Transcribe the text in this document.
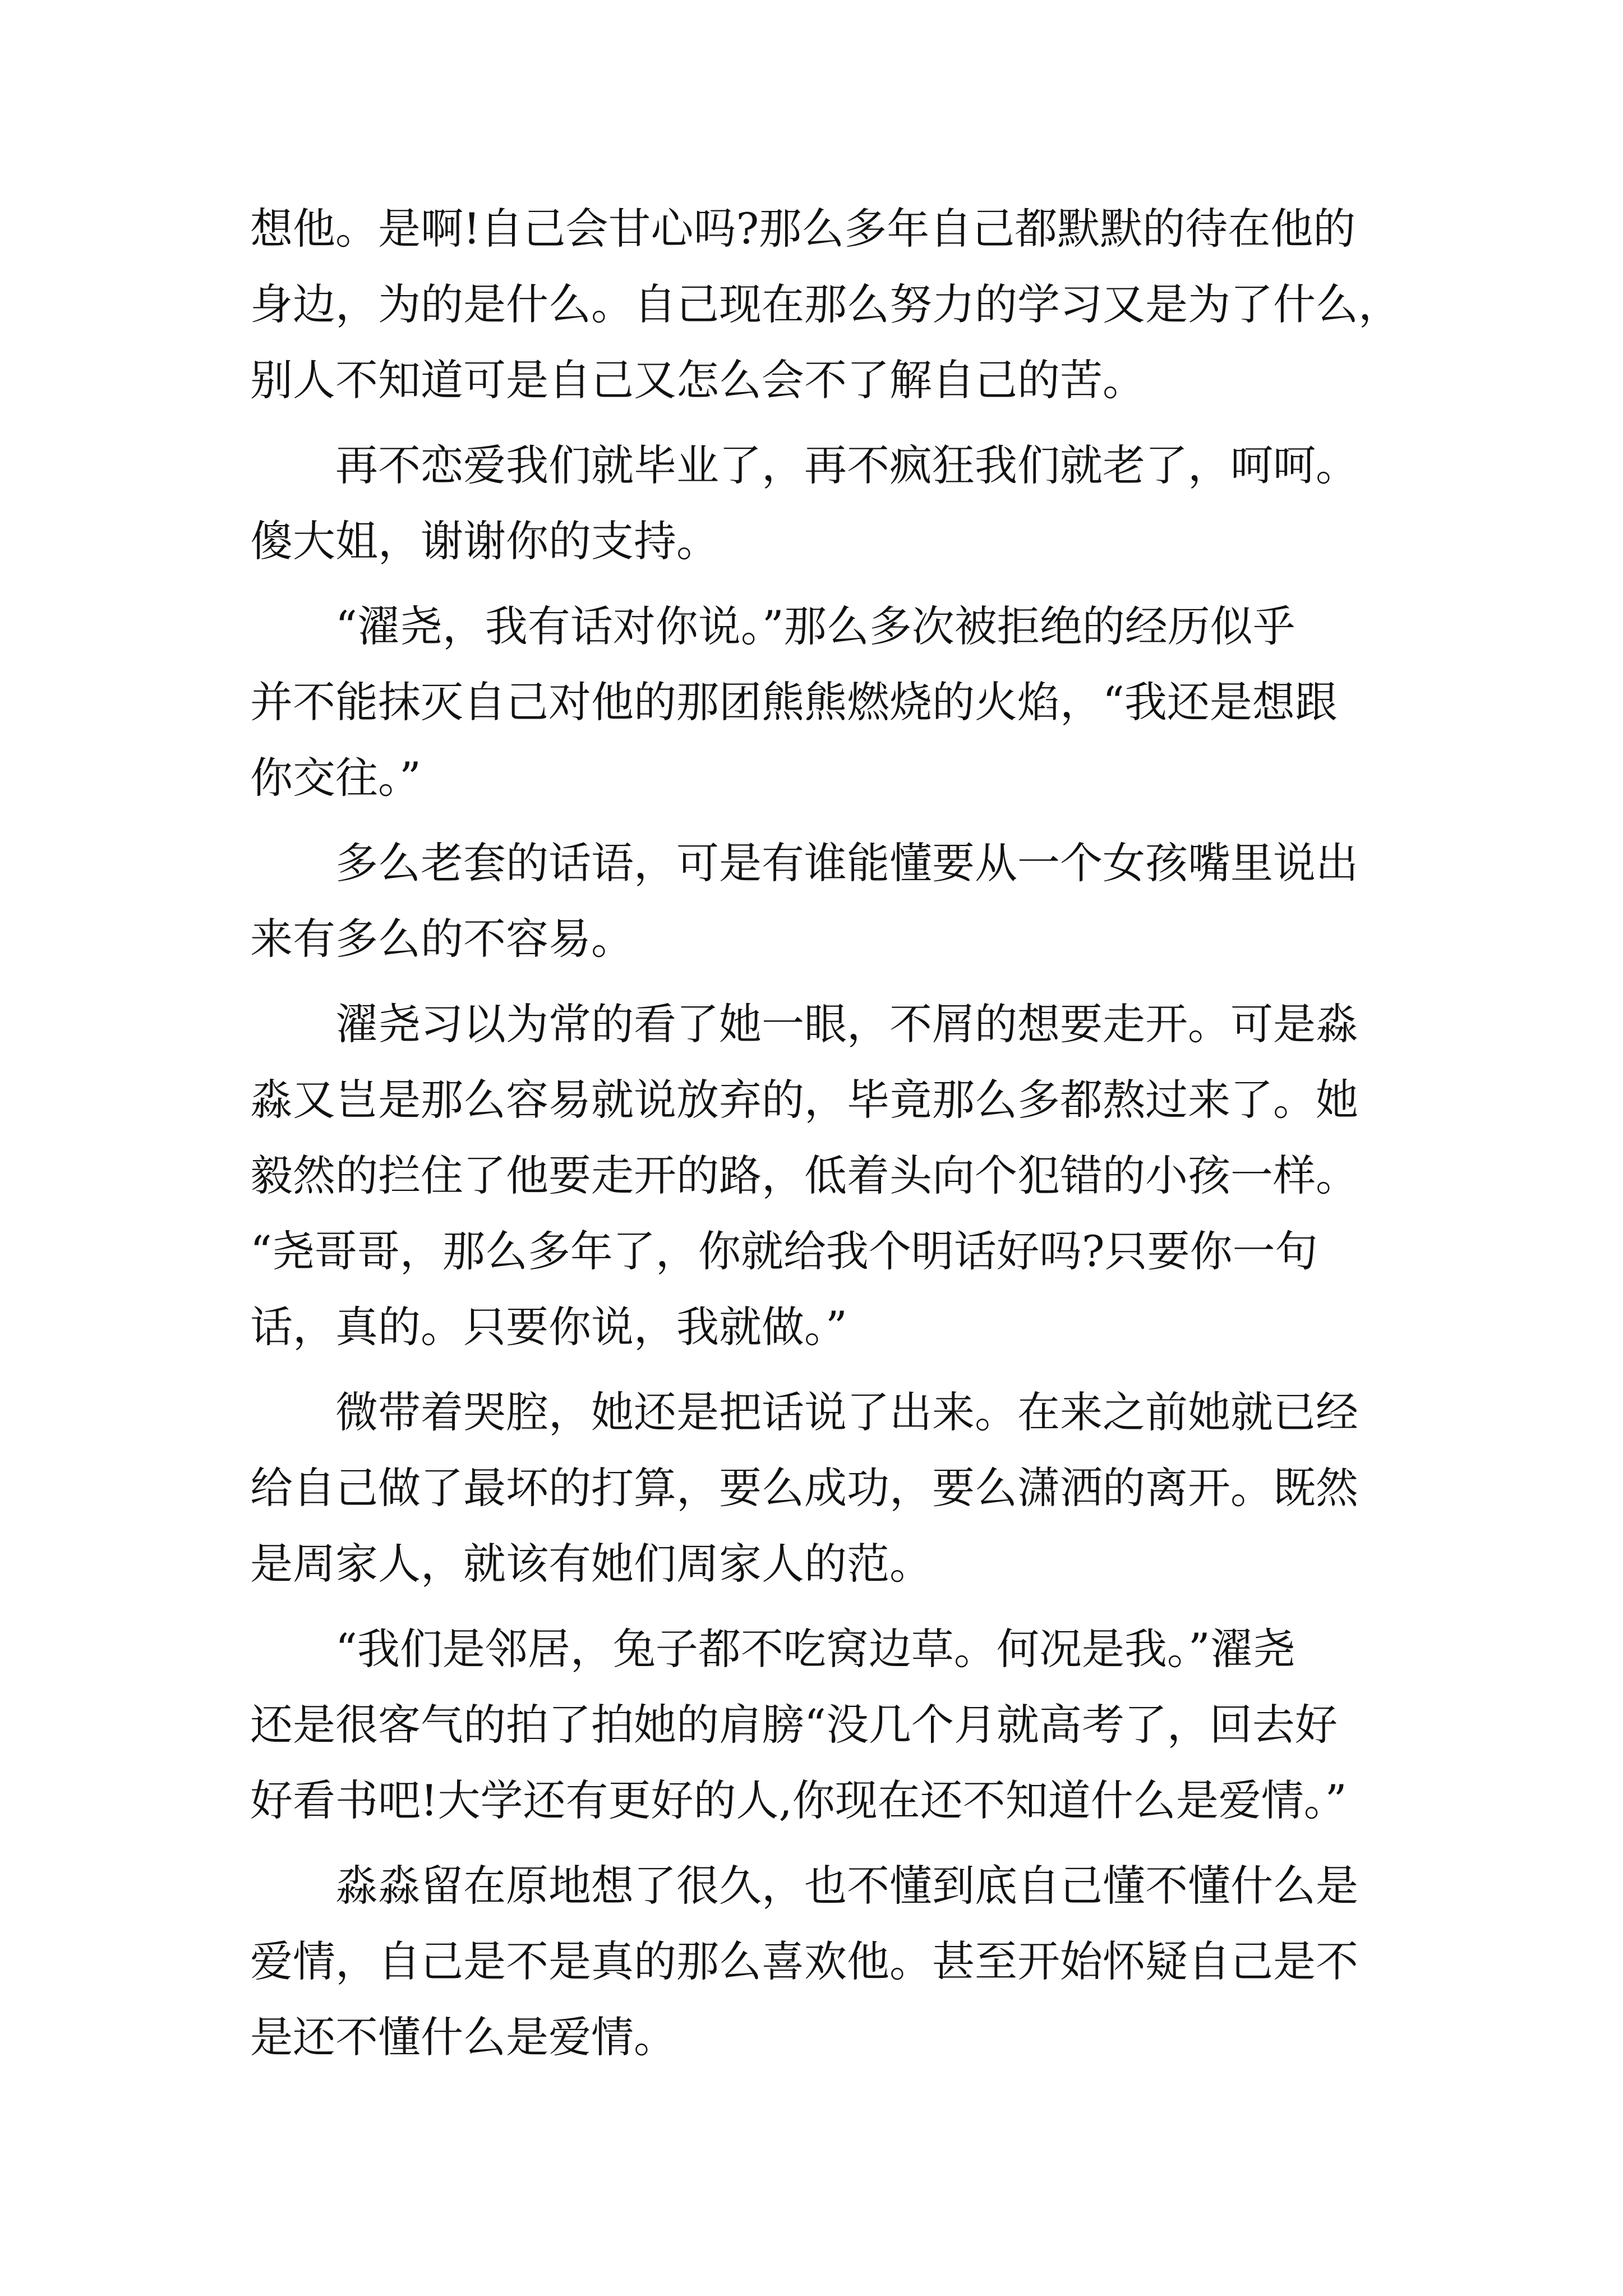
想他。是啊!自己会甘心吗?那么多年自己都默默的待在他的
身边，为的是什么。自己现在那么努力的学习又是为了什么，
别人不知道可是自己又怎么会不了解自己的苦。
再不恋爱我们就毕业了，再不疯狂我们就老了，呵呵。
傻大姐，谢谢你的支持。
“濯尧，我有话对你说。”那么多次被拒绝的经历似乎
并不能抹灭自己对他的那团熊熊燃烧的火焰，“我还是想跟
你交往。”
多么老套的话语，可是有谁能懂要从一个女孩嘴里说出
来有多么的不容易。
濯尧习以为常的看了她一眼，不屑的想要走开。可是淼
淼又岂是那么容易就说放弃的，毕竟那么多都熬过来了。她
毅然的拦住了他要走开的路，低着头向个犯错的小孩一样。
“尧哥哥，那么多年了，你就给我个明话好吗?只要你一句
话，真的。只要你说，我就做。”
微带着哭腔，她还是把话说了出来。在来之前她就已经
给自己做了最坏的打算，要么成功，要么潇洒的离开。既然
是周家人，就该有她们周家人的范。
“我们是邻居，兔子都不吃窝边草。何况是我。”濯尧
还是很客气的拍了拍她的肩膀“没几个月就高考了，回去好
好看书吧!大学还有更好的人,你现在还不知道什么是爱情。”
淼淼留在原地想了很久，也不懂到底自己懂不懂什么是
爱情，自己是不是真的那么喜欢他。甚至开始怀疑自己是不
是还不懂什么是爱情。
